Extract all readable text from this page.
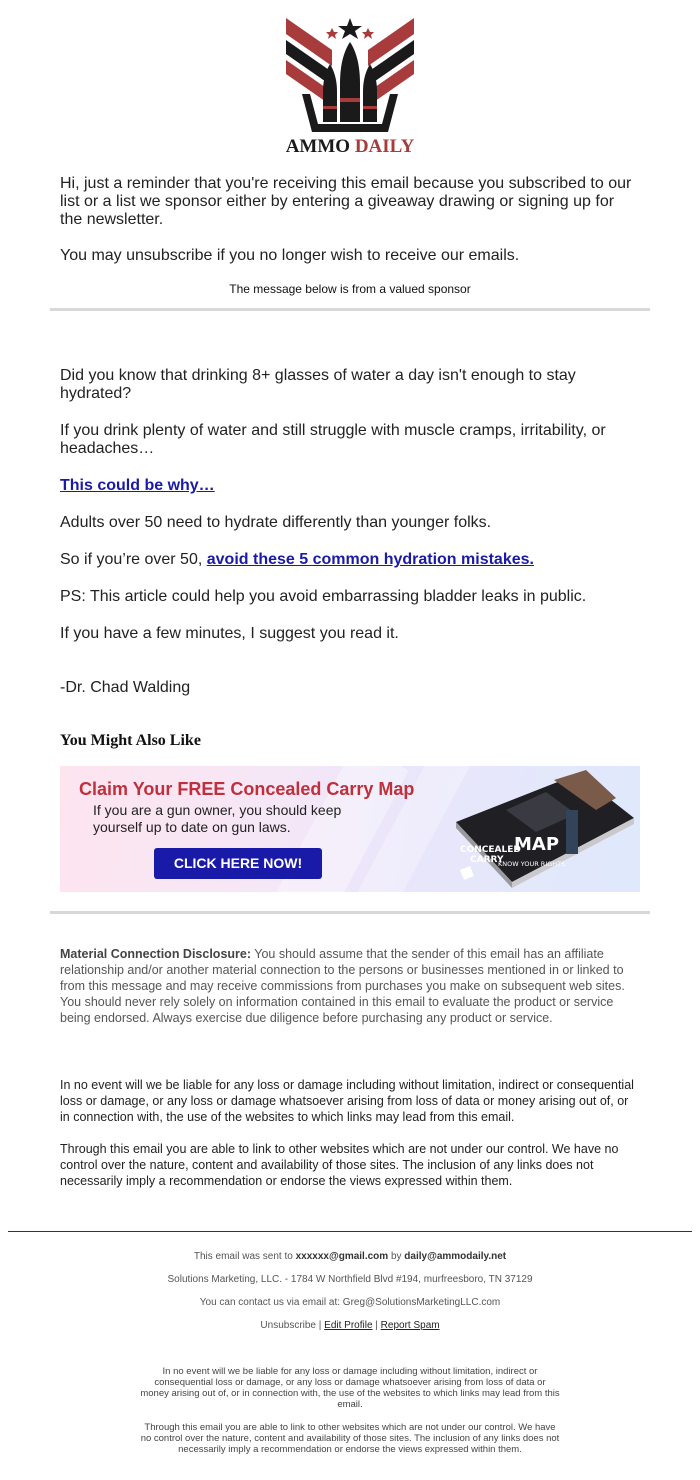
AMMO DAILY

Hi, just a reminder that you're receiving this email because you subscribed to our list or a list we sponsor either by entering a giveaway drawing or signing up for the newsletter.

You may unsubscribe if you no longer wish to receive our emails.

The message below is from a valued sponsor

Did you know that drinking 8+ glasses of water a day isn't enough to stay hydrated?

If you drink plenty of water and still struggle with muscle cramps, irritability, or headaches…

This could be why…

Adults over 50 need to hydrate differently than younger folks.

So if you’re over 50, avoid these 5 common hydration mistakes.

PS: This article could help you avoid embarrassing bladder leaks in public.

If you have a few minutes, I suggest you read it.

-Dr. Chad Walding
You Might Also Like
Claim Your FREE Concealed Carry Map
If you are a gun owner, you should keep yourself up to date on gun laws.
CLICK HERE NOW!
CONCEALED
CARRY
MAP
KNOW YOUR RIGHTS
Material Connection Disclosure: You should assume that the sender of this email has an affiliate relationship and/or another material connection to the persons or businesses mentioned in or linked to from this message and may receive commissions from purchases you make on subsequent web sites. You should never rely solely on information contained in this email to evaluate the product or service being endorsed. Always exercise due diligence before purchasing any product or service.

In no event will we be liable for any loss or damage including without limitation, indirect or consequential loss or damage, or any loss or damage whatsoever arising from loss of data or money arising out of, or in connection with, the use of the websites to which links may lead from this email.

Through this email you are able to link to other websites which are not under our control. We have no control over the nature, content and availability of those sites. The inclusion of any links does not necessarily imply a recommendation or endorse the views expressed within them.

This email was sent to xxxxxx@gmail.com by daily@ammodaily.net
Solutions Marketing, LLC. - 1784 W Northfield Blvd #194, murfreesboro, TN 37129
You can contact us via email at: Greg@SolutionsMarketingLLC.com
Unsubscribe | Edit Profile | Report Spam

In no event will we be liable for any loss or damage including without limitation, indirect or consequential loss or damage, or any loss or damage whatsoever arising from loss of data or money arising out of, or in connection with, the use of the websites to which links may lead from this email.

Through this email you are able to link to other websites which are not under our control. We have no control over the nature, content and availability of those sites. The inclusion of any links does not necessarily imply a recommendation or endorse the views expressed within them.
